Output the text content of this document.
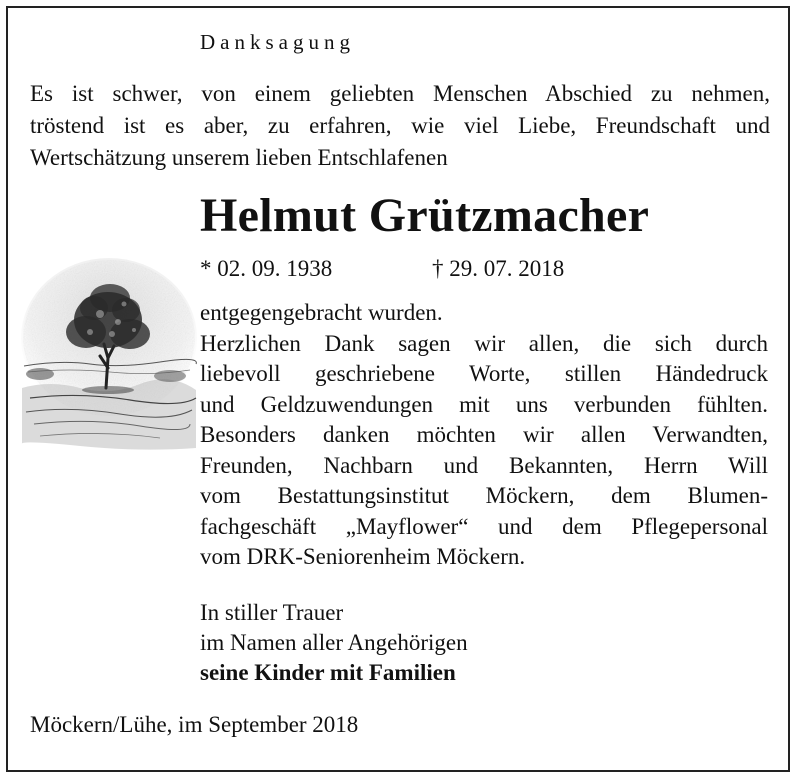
Danksagung
Es ist schwer, von einem geliebten Menschen Abschied zu nehmen,
tröstend ist es aber, zu erfahren, wie viel Liebe, Freundschaft und
Wertschätzung unserem lieben Entschlafenen
Helmut Grützmacher
* 02. 09. 1938	† 29. 07. 2018
entgegengebracht wurden.
Herzlichen Dank sagen wir allen, die sich durch
liebevoll geschriebene Worte, stillen Händedruck
und Geldzuwendungen mit uns verbunden fühlten.
Besonders danken möchten wir allen Verwandten,
Freunden, Nachbarn und Bekannten, Herrn Will
vom Bestattungsinstitut Möckern, dem Blumen-
fachgeschäft „Mayflower“ und dem Pflegepersonal
vom DRK-Seniorenheim Möckern.
In stiller Trauer
im Namen aller Angehörigen
seine Kinder mit Familien
Möckern/Lühe, im September 2018
